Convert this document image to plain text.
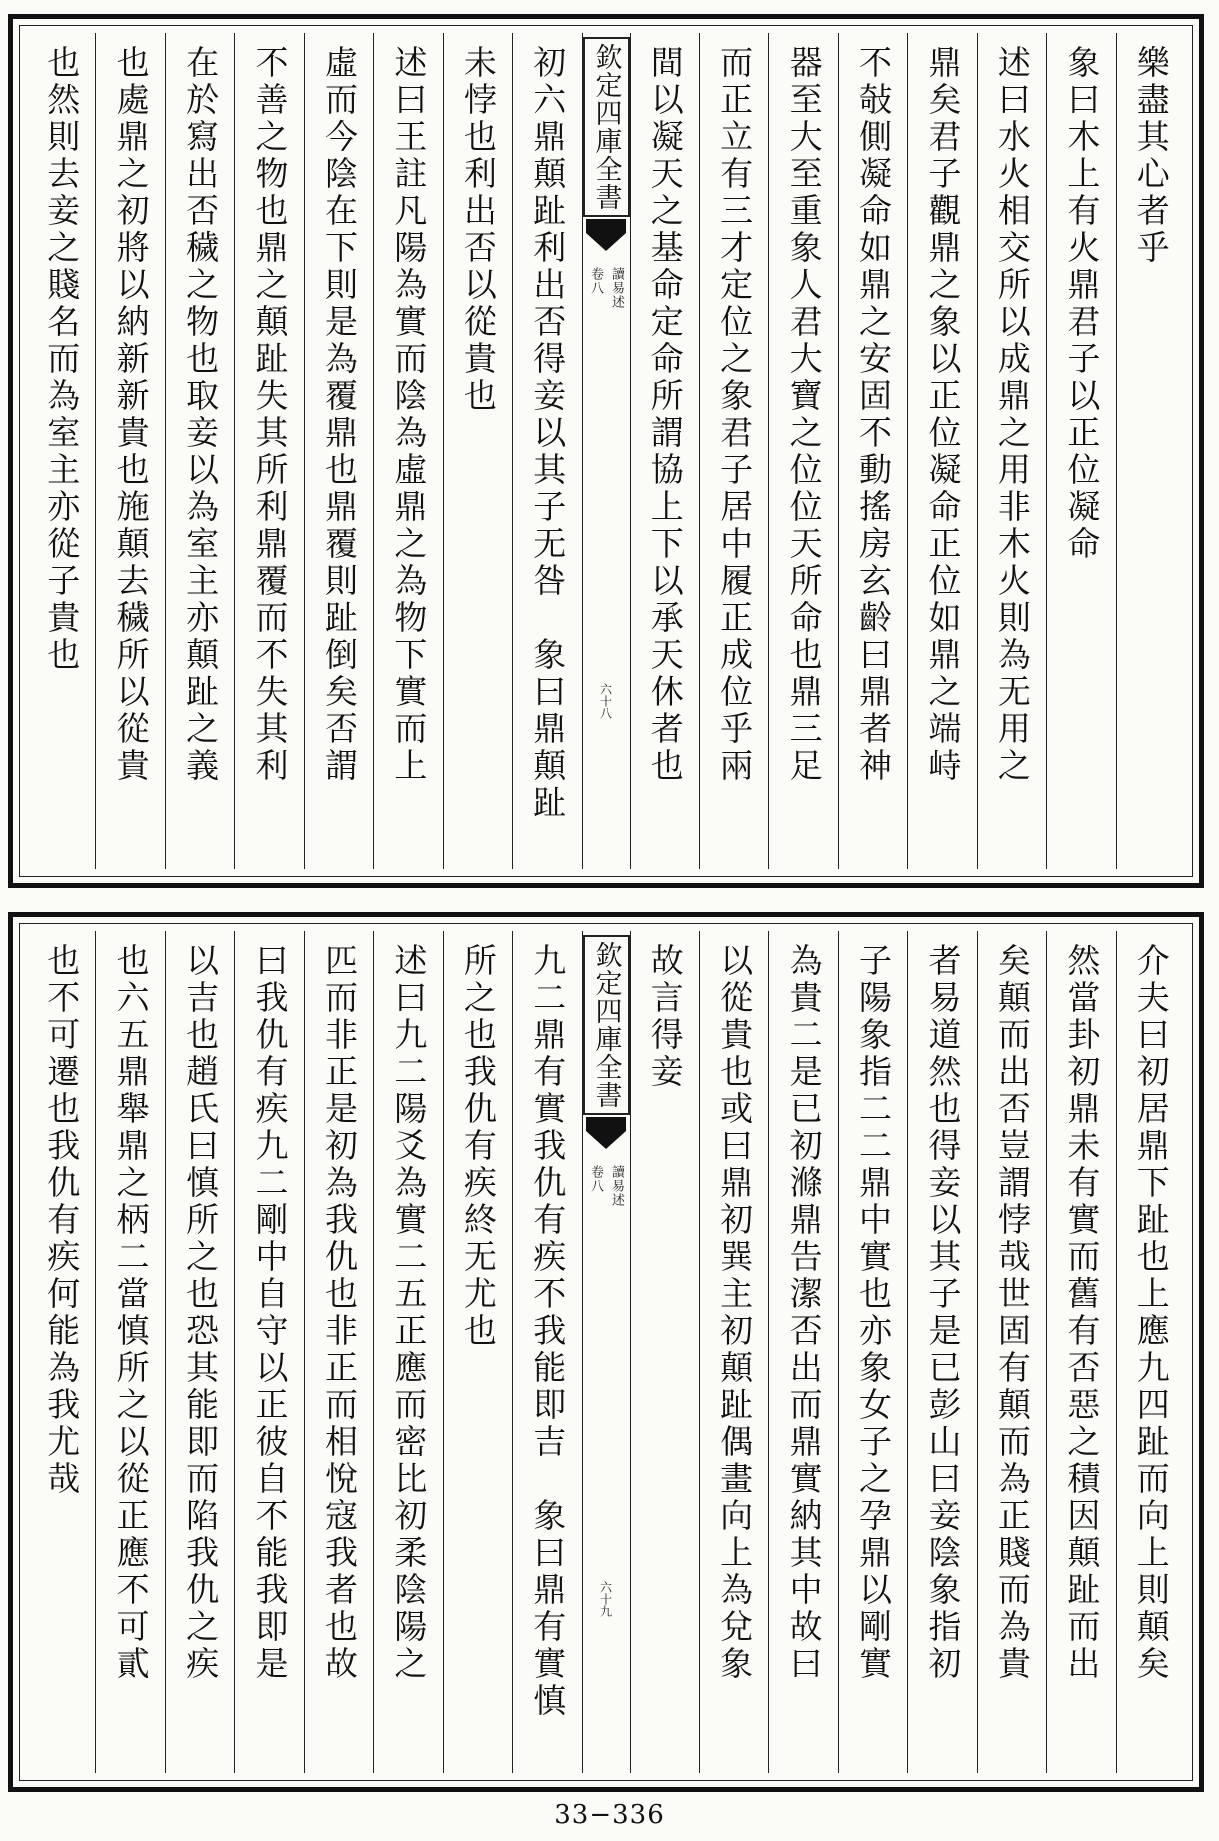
樂盡其心者乎
象曰木上有火鼎君子以正位凝命
述曰水火相交所以成鼎之用非木火則為无用之
鼎矣君子觀鼎之象以正位凝命正位如鼎之端峙
不敧側凝命如鼎之安固不動搖房玄齡曰鼎者神
器至大至重象人君大寶之位位天所命也鼎三足
而正立有三才定位之象君子居中履正成位乎兩
間以凝天之基命定命所謂協上下以承天休者也
欽定四庫全書
讀易述
卷八
六十八
初六鼎顛趾利出否得妾以其子无咎　象曰鼎顛趾
未悖也利出否以從貴也
述曰王註凡陽為實而陰為虛鼎之為物下實而上
虛而今陰在下則是為覆鼎也鼎覆則趾倒矣否謂
不善之物也鼎之顛趾失其所利鼎覆而不失其利
在於寫出否穢之物也取妾以為室主亦顛趾之義
也處鼎之初將以納新新貴也施顛去穢所以從貴
也然則去妾之賤名而為室主亦從子貴也
介夫曰初居鼎下趾也上應九四趾而向上則顛矣
然當卦初鼎未有實而舊有否惡之積因顛趾而出
矣顛而出否豈謂悖哉世固有顛而為正賤而為貴
者易道然也得妾以其子是已彭山曰妾陰象指初
子陽象指二二鼎中實也亦象女子之孕鼎以剛實
為貴二是已初滌鼎告潔否出而鼎實納其中故曰
以從貴也或曰鼎初巽主初顛趾偶畫向上為兌象
故言得妾
欽定四庫全書
讀易述
卷八
六十九
九二鼎有實我仇有疾不我能即吉　象曰鼎有實慎
所之也我仇有疾終无尤也
述曰九二陽爻為實二五正應而密比初柔陰陽之
匹而非正是初為我仇也非正而相悅寇我者也故
曰我仇有疾九二剛中自守以正彼自不能我即是
以吉也趙氏曰慎所之也恐其能即而陷我仇之疾
也六五鼎舉鼎之柄二當慎所之以從正應不可貳
也不可遷也我仇有疾何能為我尤哉
33−336
